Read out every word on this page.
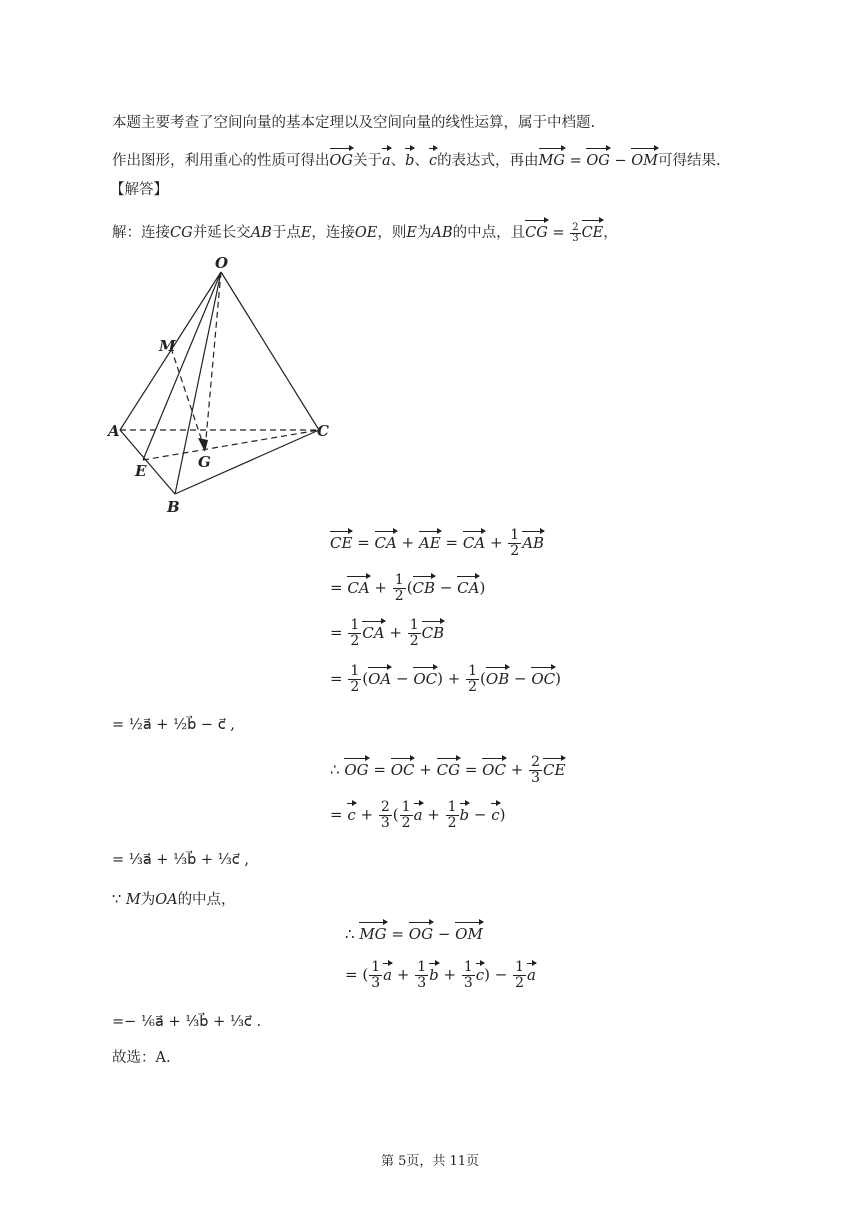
本题主要考查了空间向量的基本定理以及空间向量的线性运算，属于中档题.
作出图形，利用重心的性质可得出OG关于a、b、c的表达式，再由MG = OG − OM可得结果.
【解答】
解：连接CG并延长交AB于点E，连接OE，则E为AB的中点，且CG = $\frac{2}{3}$ CE，
O
M
A	C
E	G
B
CE = CA + AE = CA + $\frac{1}{2}$ AB
= CA + $\frac{1}{2} (CB - CA)$
= $\frac{1}{2}$ CA + $\frac{1}{2}$ CB
= $\frac{1}{2} (OA - OC) + \frac{1}{2} (OB - OC)$
= ½a⃗ + ½b⃗ − c⃗ ,
∴ OG = OC + CG = OC + $\frac{2}{3}$ CE
= $c + \frac{2}{3}$ ( $\frac{1}{2}$ $a + \frac{1}{2}$ b − c)
= ⅓a⃗ + ⅓b⃗ + ⅓c⃗ ,
∵ M为OA的中点，
∴ MG = OG − OM
= ( $\frac{1}{3}$ $a + \frac{1}{3}$ $b + \frac{1}{3} c) - \frac{1}{2}$ a
=− ⅙a⃗ + ⅓b⃗ + ⅓c⃗ .
故选：A.
第 5页，共 11页
